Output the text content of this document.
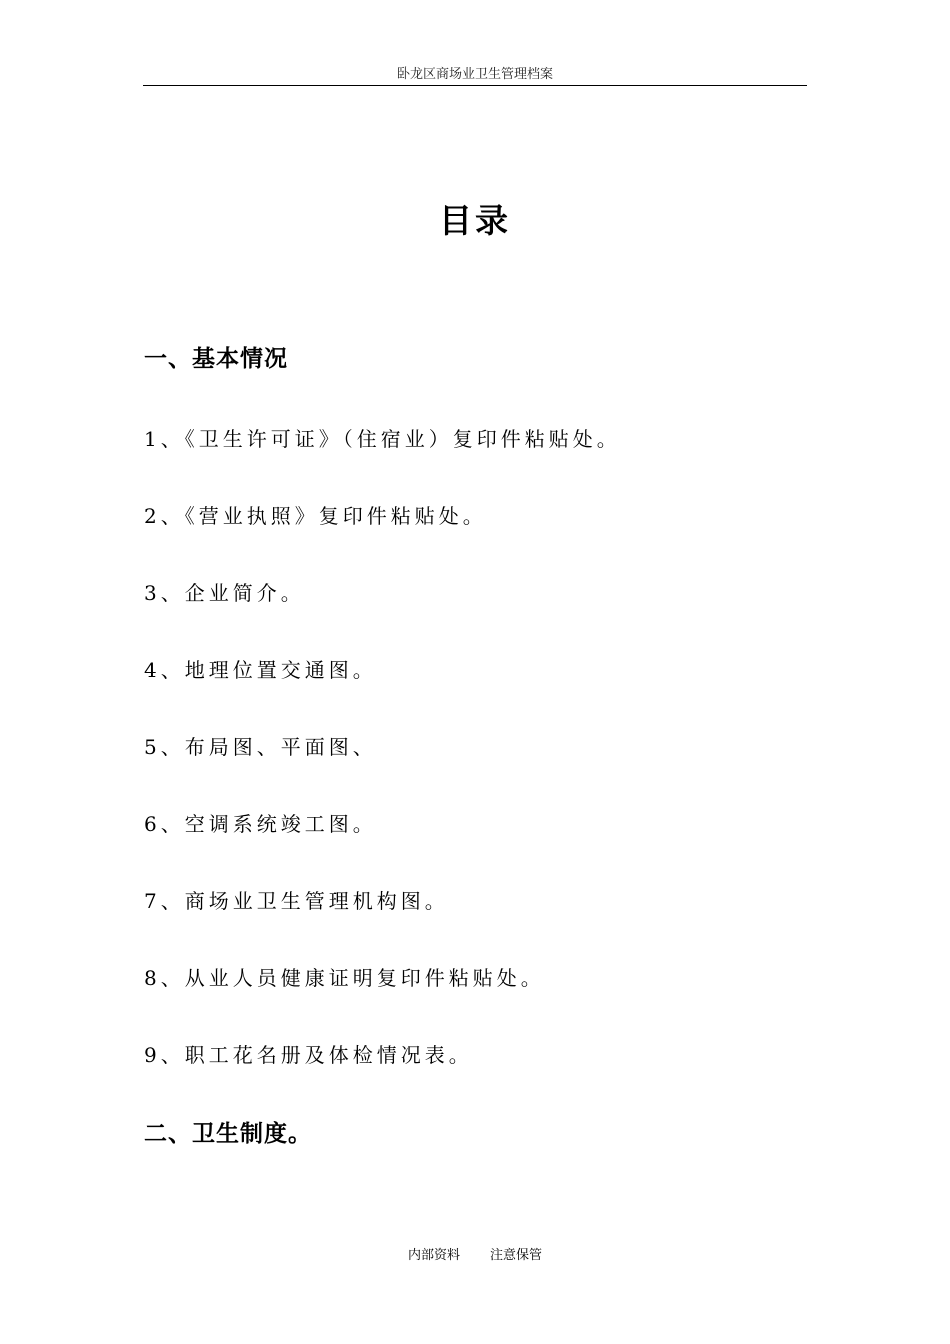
卧龙区商场业卫生管理档案
目录
一、基本情况
1、《卫生许可证》（住宿业）复印件粘贴处。
2、《营业执照》复印件粘贴处。
3、企业简介。
4、地理位置交通图。
5、布局图、平面图、
6、空调系统竣工图。
7、商场业卫生管理机构图。
8、从业人员健康证明复印件粘贴处。
9、职工花名册及体检情况表。
二、卫生制度。
内部资料 注意保管
